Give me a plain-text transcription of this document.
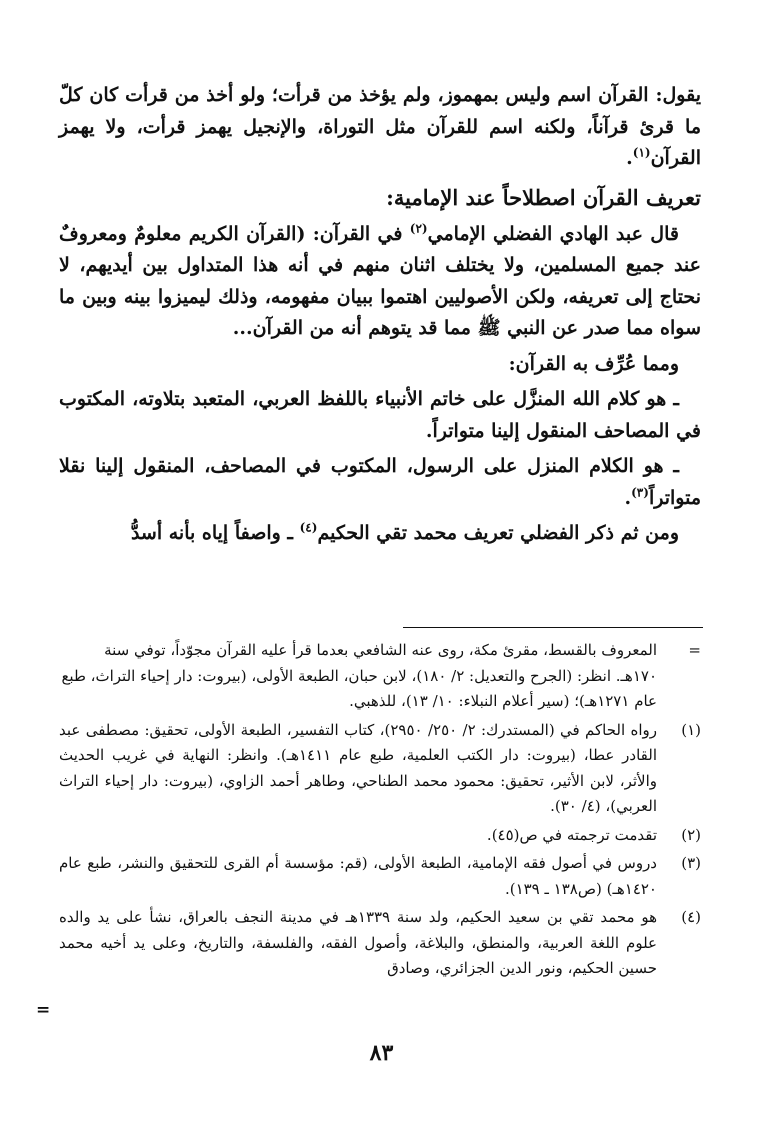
يقول: القرآن اسم وليس بمهموز، ولم يؤخذ من قرأت؛ ولو أخذ من قرأت كان كلّ ما قرئ قرآناً، ولكنه اسم للقرآن مثل التوراة، والإنجيل يهمز قرأت، ولا يهمز القرآن$^{(١)}$.

تعريف القرآن اصطلاحاً عند الإمامية:

قال عبد الهادي الفضلي الإمامي$^{(٢)}$ في القرآن: (القرآن الكريم معلومٌ ومعروفٌ عند جميع المسلمين، ولا يختلف اثنان منهم في أنه هذا المتداول بين أيديهم، لا نحتاج إلى تعريفه، ولكن الأصوليين اهتموا ببيان مفهومه، وذلك ليميزوا بينه وبين ما سواه مما صدر عن النبي ﷺ مما قد يتوهم أنه من القرآن...

ومما عُرِّف به القرآن:

ـ هو كلام الله المنزَّل على خاتم الأنبياء باللفظ العربي، المتعبد بتلاوته، المكتوب في المصاحف المنقول إلينا متواتراً.

ـ هو الكلام المنزل على الرسول، المكتوب في المصاحف، المنقول إلينا نقلا متواتراً$^{(٣)}$.

ومن ثم ذكر الفضلي تعريف محمد تقي الحكيم$^{(٤)}$ ـ واصفاً إياه بأنه أسدُّ

=
المعروف بالقسط، مقرئ مكة، روى عنه الشافعي بعدما قرأ عليه القرآن مجوّداً، توفي سنة ١٧٠هـ. انظر: (الجرح والتعديل: ٢/ ١٨٠)، لابن حبان، الطبعة الأولى، (بيروت: دار إحياء التراث، طبع عام ١٢٧١هـ)؛ (سير أعلام النبلاء: ١٠/ ١٣)، للذهبي.

(١)
رواه الحاكم في (المستدرك: ٢/ ٢٥٠/ ٢٩٥٠)، كتاب التفسير، الطبعة الأولى، تحقيق: مصطفى عبد القادر عطا، (بيروت: دار الكتب العلمية، طبع عام ١٤١١هـ). وانظر: النهاية في غريب الحديث والأثر، لابن الأثير، تحقيق: محمود محمد الطناحي، وطاهر أحمد الزاوي، (بيروت: دار إحياء التراث العربي)، (٤/ ٣٠).

(٢)
تقدمت ترجمته في ص(٤٥).

(٣)
دروس في أصول فقه الإمامية، الطبعة الأولى، (قم: مؤسسة أم القرى للتحقيق والنشر، طبع عام ١٤٢٠هـ) (ص١٣٨ ـ ١٣٩).

(٤)
هو محمد تقي بن سعيد الحكيم، ولد سنة ١٣٣٩هـ في مدينة النجف بالعراق، نشأ على يد والده علوم اللغة العربية، والمنطق، والبلاغة، وأصول الفقه، والفلسفة، والتاريخ، وعلى يد أخيه محمد حسين الحكيم، ونور الدين الجزائري، وصادق

=
٨٣
